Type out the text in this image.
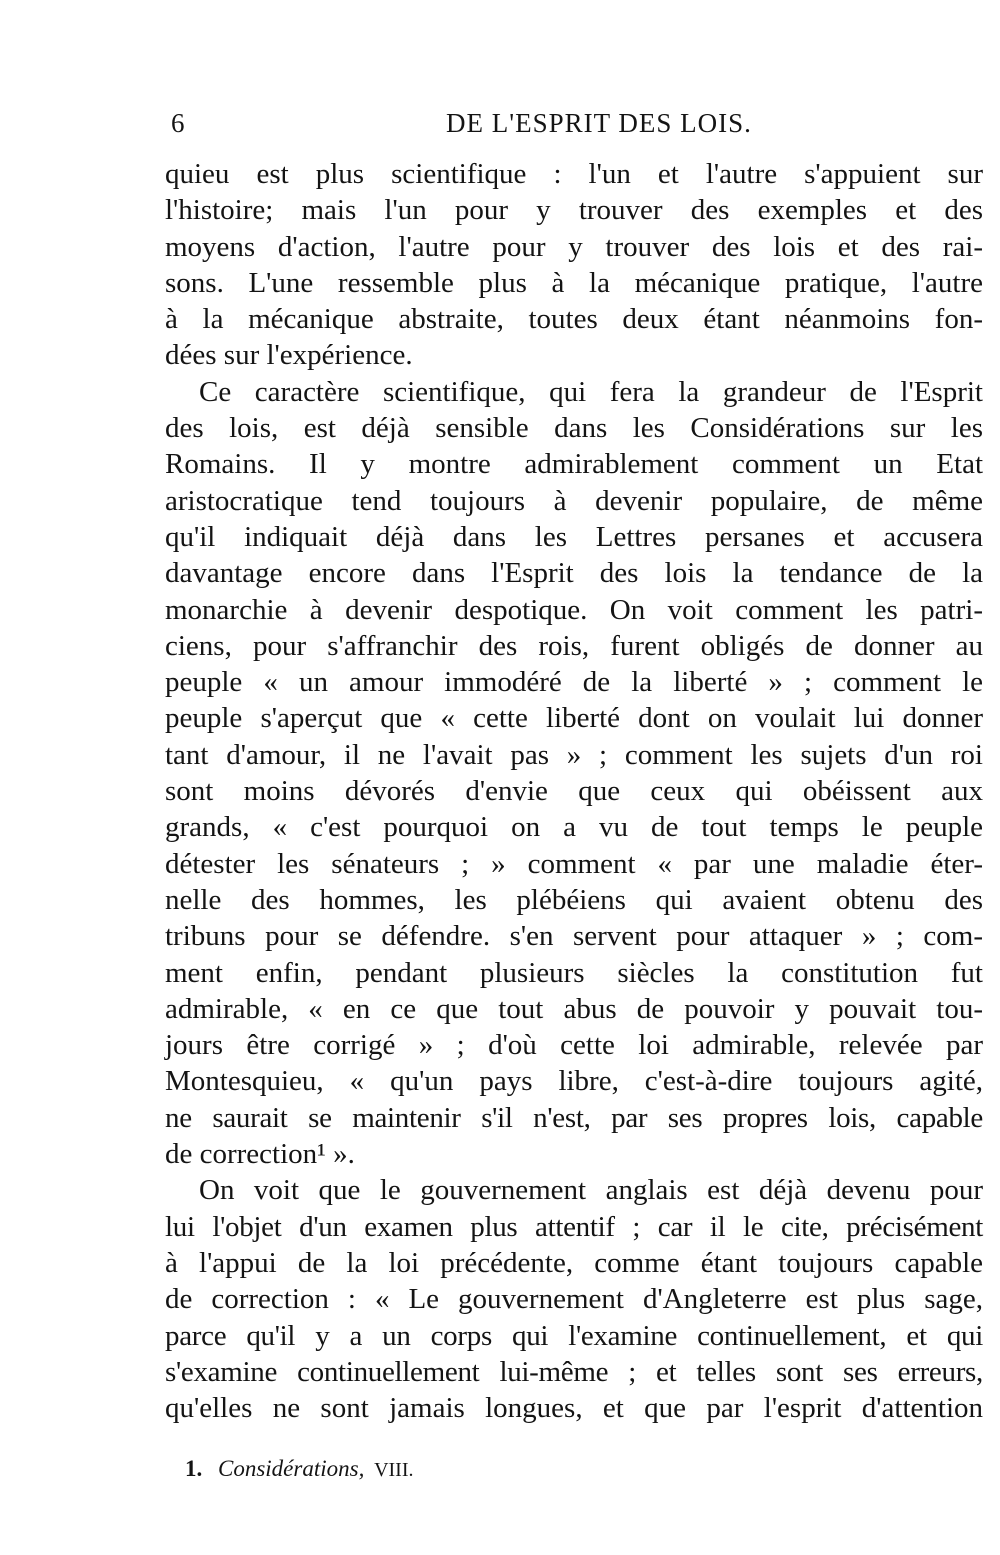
6	DE L'ESPRIT DES LOIS.
quieu est plus scientifique : l'un et l'autre s'appuient sur
l'histoire; mais l'un pour y trouver des exemples et des
moyens d'action, l'autre pour y trouver des lois et des rai-
sons. L'une ressemble plus à la mécanique pratique, l'autre
à la mécanique abstraite, toutes deux étant néanmoins fon-
dées sur l'expérience.
Ce caractère scientifique, qui fera la grandeur de l'Esprit
des lois, est déjà sensible dans les Considérations sur les
Romains. Il y montre admirablement comment un Etat
aristocratique tend toujours à devenir populaire, de même
qu'il indiquait déjà dans les Lettres persanes et accusera
davantage encore dans l'Esprit des lois la tendance de la
monarchie à devenir despotique. On voit comment les patri-
ciens, pour s'affranchir des rois, furent obligés de donner au
peuple « un amour immodéré de la liberté » ; comment le
peuple s'aperçut que « cette liberté dont on voulait lui donner
tant d'amour, il ne l'avait pas » ; comment les sujets d'un roi
sont moins dévorés d'envie que ceux qui obéissent aux
grands, « c'est pourquoi on a vu de tout temps le peuple
détester les sénateurs ; » comment « par une maladie éter-
nelle des hommes, les plébéiens qui avaient obtenu des
tribuns pour se défendre. s'en servent pour attaquer » ; com-
ment enfin, pendant plusieurs siècles la constitution fut
admirable, « en ce que tout abus de pouvoir y pouvait tou-
jours être corrigé » ; d'où cette loi admirable, relevée par
Montesquieu, « qu'un pays libre, c'est-à-dire toujours agité,
ne saurait se maintenir s'il n'est, par ses propres lois, capable
de correction¹ ».
On voit que le gouvernement anglais est déjà devenu pour
lui l'objet d'un examen plus attentif ; car il le cite, précisément
à l'appui de la loi précédente, comme étant toujours capable
de correction : « Le gouvernement d'Angleterre est plus sage,
parce qu'il y a un corps qui l'examine continuellement, et qui
s'examine continuellement lui-même ; et telles sont ses erreurs,
qu'elles ne sont jamais longues, et que par l'esprit d'attention
1. Considérations, VIII.
